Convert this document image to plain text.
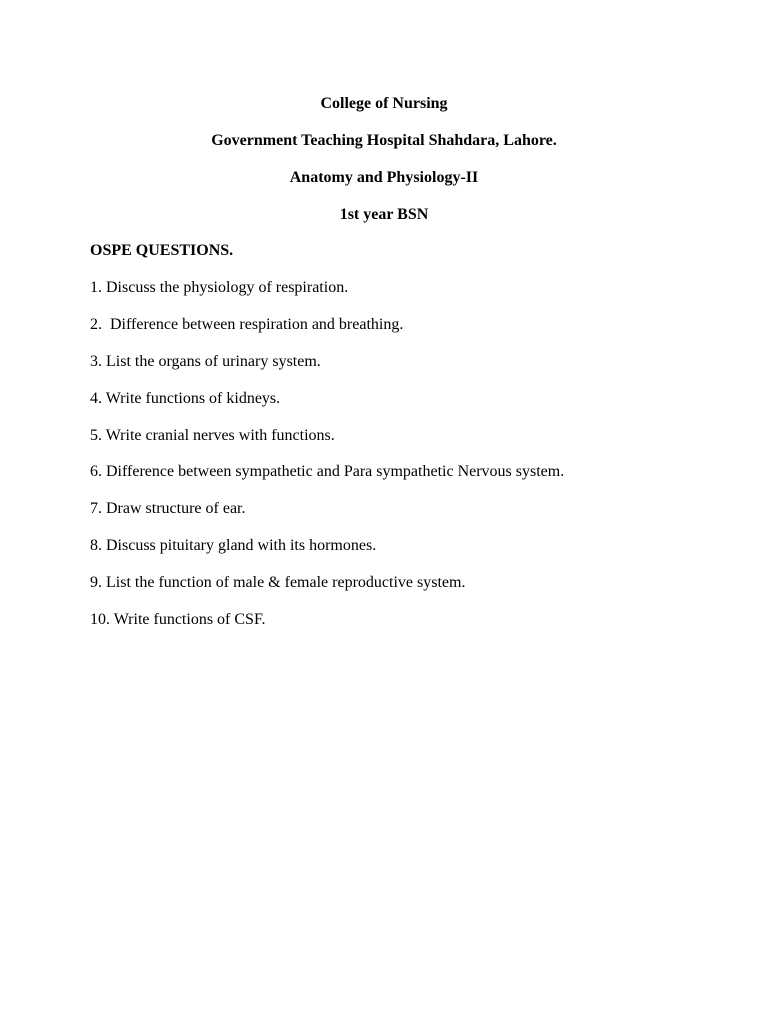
College of Nursing
Government Teaching Hospital Shahdara, Lahore.
Anatomy and Physiology-II
1st year BSN
OSPE QUESTIONS.
1. Discuss the physiology of respiration.
2.  Difference between respiration and breathing.
3. List the organs of urinary system.
4. Write functions of kidneys.
5. Write cranial nerves with functions.
6. Difference between sympathetic and Para sympathetic Nervous system.
7. Draw structure of ear.
8. Discuss pituitary gland with its hormones.
9. List the function of male & female reproductive system.
10. Write functions of CSF.
